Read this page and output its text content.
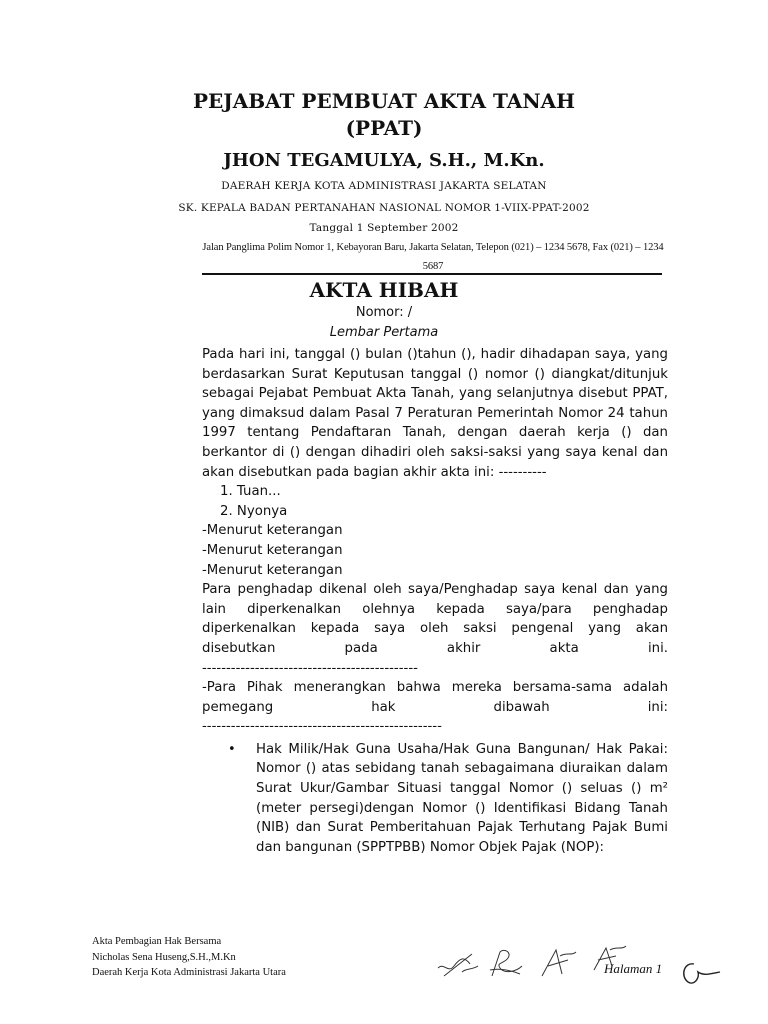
PEJABAT PEMBUAT AKTA TANAH
(PPAT)
JHON TEGAMULYA, S.H., M.Kn.
DAERAH KERJA KOTA ADMINISTRASI JAKARTA SELATAN
SK. KEPALA BADAN PERTANAHAN NASIONAL NOMOR 1-VIIX-PPAT-2002
Tanggal 1 September 2002
Jalan Panglima Polim Nomor 1, Kebayoran Baru, Jakarta Selatan, Telepon (021) – 1234 5678, Fax (021) – 1234 5687
AKTA HIBAH
Nomor: /
Lembar Pertama

Pada hari ini, tanggal () bulan ()tahun (), hadir dihadapan saya, yang berdasarkan Surat Keputusan tanggal () nomor () diangkat/ditunjuk sebagai Pejabat Pembuat Akta Tanah, yang selanjutnya disebut PPAT, yang dimaksud dalam Pasal 7 Peraturan Pemerintah Nomor 24 tahun 1997 tentang Pendaftaran Tanah, dengan daerah kerja () dan berkantor di () dengan dihadiri oleh saksi-saksi yang saya kenal dan akan disebutkan pada bagian akhir akta ini: ----------

1. Tuan...

2. Nyonya

-Menurut keterangan

-Menurut keterangan

-Menurut keterangan

Para penghadap dikenal oleh saya/Penghadap saya kenal dan yang lain diperkenalkan olehnya kepada saya/para penghadap diperkenalkan kepada saya oleh saksi pengenal yang akan disebutkan pada akhir akta ini.

---------------------------------------------

-Para Pihak menerangkan bahwa mereka bersama-sama adalah pemegang hak dibawah ini:

--------------------------------------------------

• Hak Milik/Hak Guna Usaha/Hak Guna Bangunan/ Hak Pakai: Nomor () atas sebidang tanah sebagaimana diuraikan dalam Surat Ukur/Gambar Situasi tanggal Nomor () seluas () m² (meter persegi)dengan Nomor () Identifikasi Bidang Tanah (NIB) dan Surat Pemberitahuan Pajak Terhutang Pajak Bumi dan bangunan (SPPTPBB) Nomor Objek Pajak (NOP):

Akta Pembagian Hak Bersama
Nicholas Sena Huseng,S.H.,M.Kn
Daerah Kerja Kota Administrasi Jakarta Utara	Halaman 1
